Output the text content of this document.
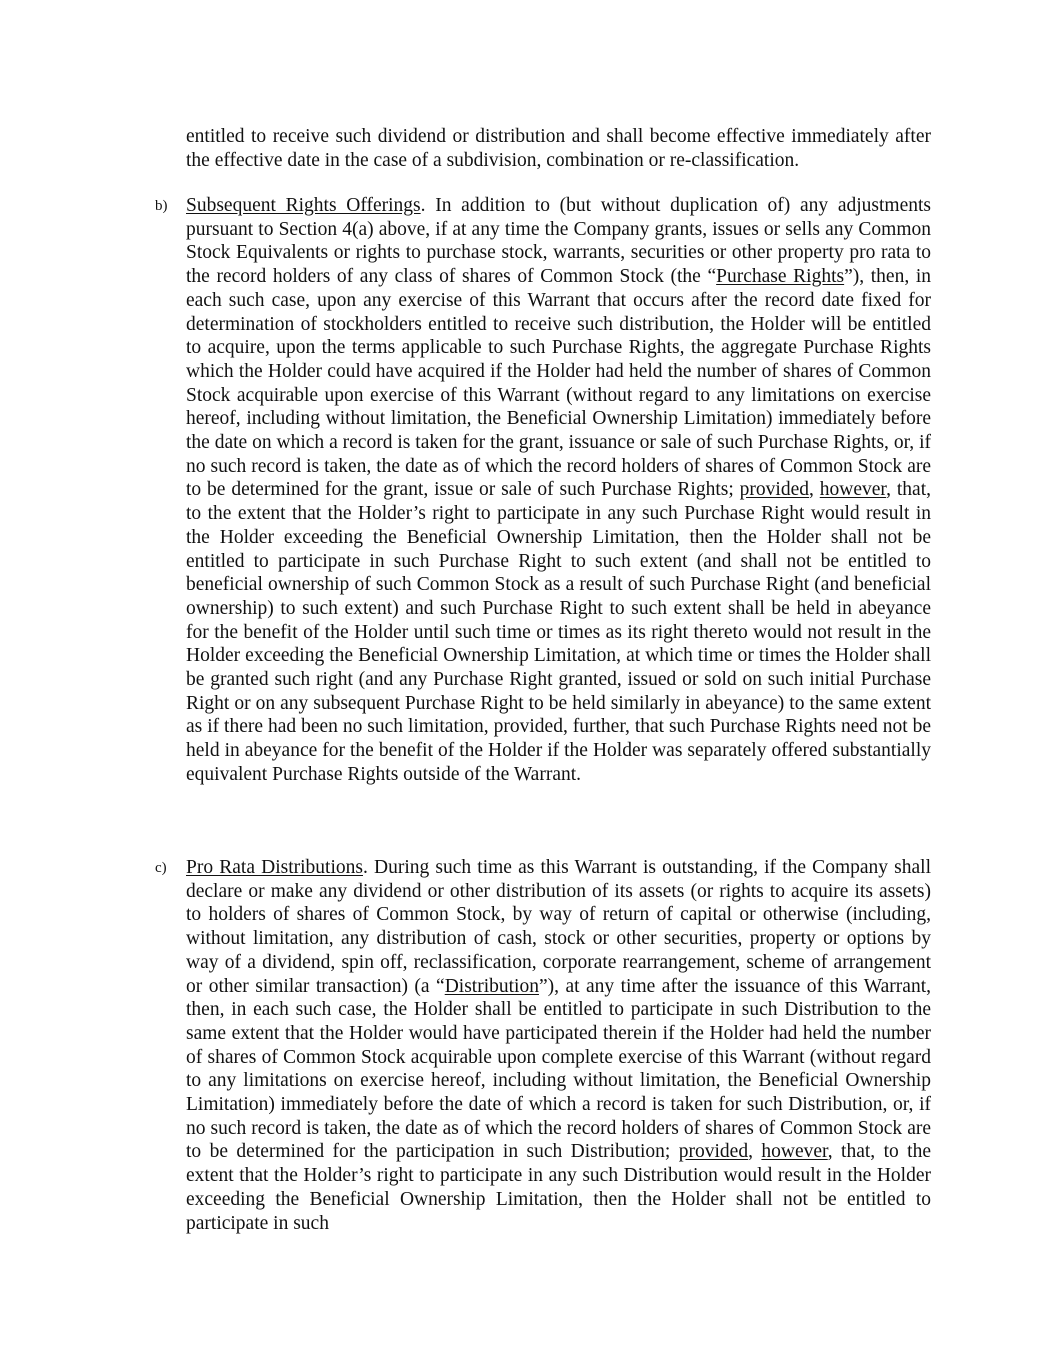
entitled to receive such dividend or distribution and shall become effective immediately after the effective date in the case of a subdivision, combination or re-classification.

b) Subsequent Rights Offerings. In addition to (but without duplication of) any adjustments pursuant to Section 4(a) above, if at any time the Company grants, issues or sells any Common Stock Equivalents or rights to purchase stock, warrants, securities or other property pro rata to the record holders of any class of shares of Common Stock (the “Purchase Rights”), then, in each such case, upon any exercise of this Warrant that occurs after the record date fixed for determination of stockholders entitled to receive such distribution, the Holder will be entitled to acquire, upon the terms applicable to such Purchase Rights, the aggregate Purchase Rights which the Holder could have acquired if the Holder had held the number of shares of Common Stock acquirable upon exercise of this Warrant (without regard to any limitations on exercise hereof, including without limitation, the Beneficial Ownership Limitation) immediately before the date on which a record is taken for the grant, issuance or sale of such Purchase Rights, or, if no such record is taken, the date as of which the record holders of shares of Common Stock are to be determined for the grant, issue or sale of such Purchase Rights; provided, however, that, to the extent that the Holder’s right to participate in any such Purchase Right would result in the Holder exceeding the Beneficial Ownership Limitation, then the Holder shall not be entitled to participate in such Purchase Right to such extent (and shall not be entitled to beneficial ownership of such Common Stock as a result of such Purchase Right (and beneficial ownership) to such extent) and such Purchase Right to such extent shall be held in abeyance for the benefit of the Holder until such time or times as its right thereto would not result in the Holder exceeding the Beneficial Ownership Limitation, at which time or times the Holder shall be granted such right (and any Purchase Right granted, issued or sold on such initial Purchase Right or on any subsequent Purchase Right to be held similarly in abeyance) to the same extent as if there had been no such limitation, provided, further, that such Purchase Rights need not be held in abeyance for the benefit of the Holder if the Holder was separately offered substantially equivalent Purchase Rights outside of the Warrant.

c) Pro Rata Distributions. During such time as this Warrant is outstanding, if the Company shall declare or make any dividend or other distribution of its assets (or rights to acquire its assets) to holders of shares of Common Stock, by way of return of capital or otherwise (including, without limitation, any distribution of cash, stock or other securities, property or options by way of a dividend, spin off, reclassification, corporate rearrangement, scheme of arrangement or other similar transaction) (a “Distribution”), at any time after the issuance of this Warrant, then, in each such case, the Holder shall be entitled to participate in such Distribution to the same extent that the Holder would have participated therein if the Holder had held the number of shares of Common Stock acquirable upon complete exercise of this Warrant (without regard to any limitations on exercise hereof, including without limitation, the Beneficial Ownership Limitation) immediately before the date of which a record is taken for such Distribution, or, if no such record is taken, the date as of which the record holders of shares of Common Stock are to be determined for the participation in such Distribution; provided, however, that, to the extent that the Holder’s right to participate in any such Distribution would result in the Holder exceeding the Beneficial Ownership Limitation, then the Holder shall not be entitled to participate in such
